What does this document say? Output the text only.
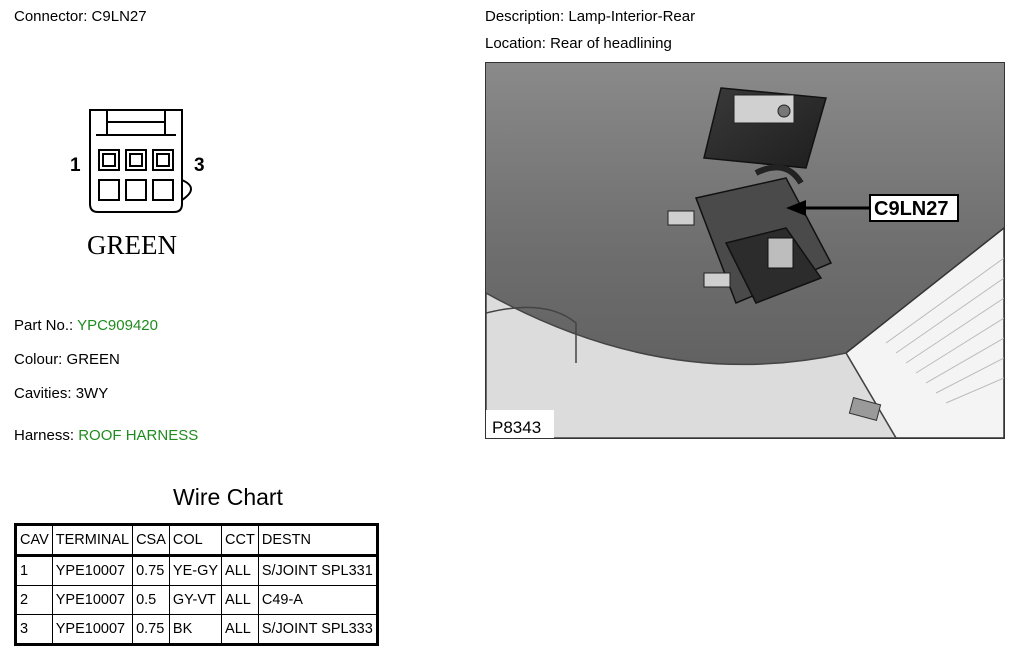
Connector: C9LN27	Description: Lamp-Interior-Rear
Location: Rear of headlining
1	3
GREEN
C9LN27
P8343
Part No.: YPC909420
Colour: GREEN
Cavities: 3WY
Harness: ROOF HARNESS
Wire Chart
CAV	TERMINAL	CSA	COL	CCT	DESTN
1	YPE10007	0.75	YE-GY	ALL	S/JOINT SPL331
2	YPE10007	0.5	GY-VT	ALL	C49-A
3	YPE10007	0.75	BK	ALL	S/JOINT SPL333
